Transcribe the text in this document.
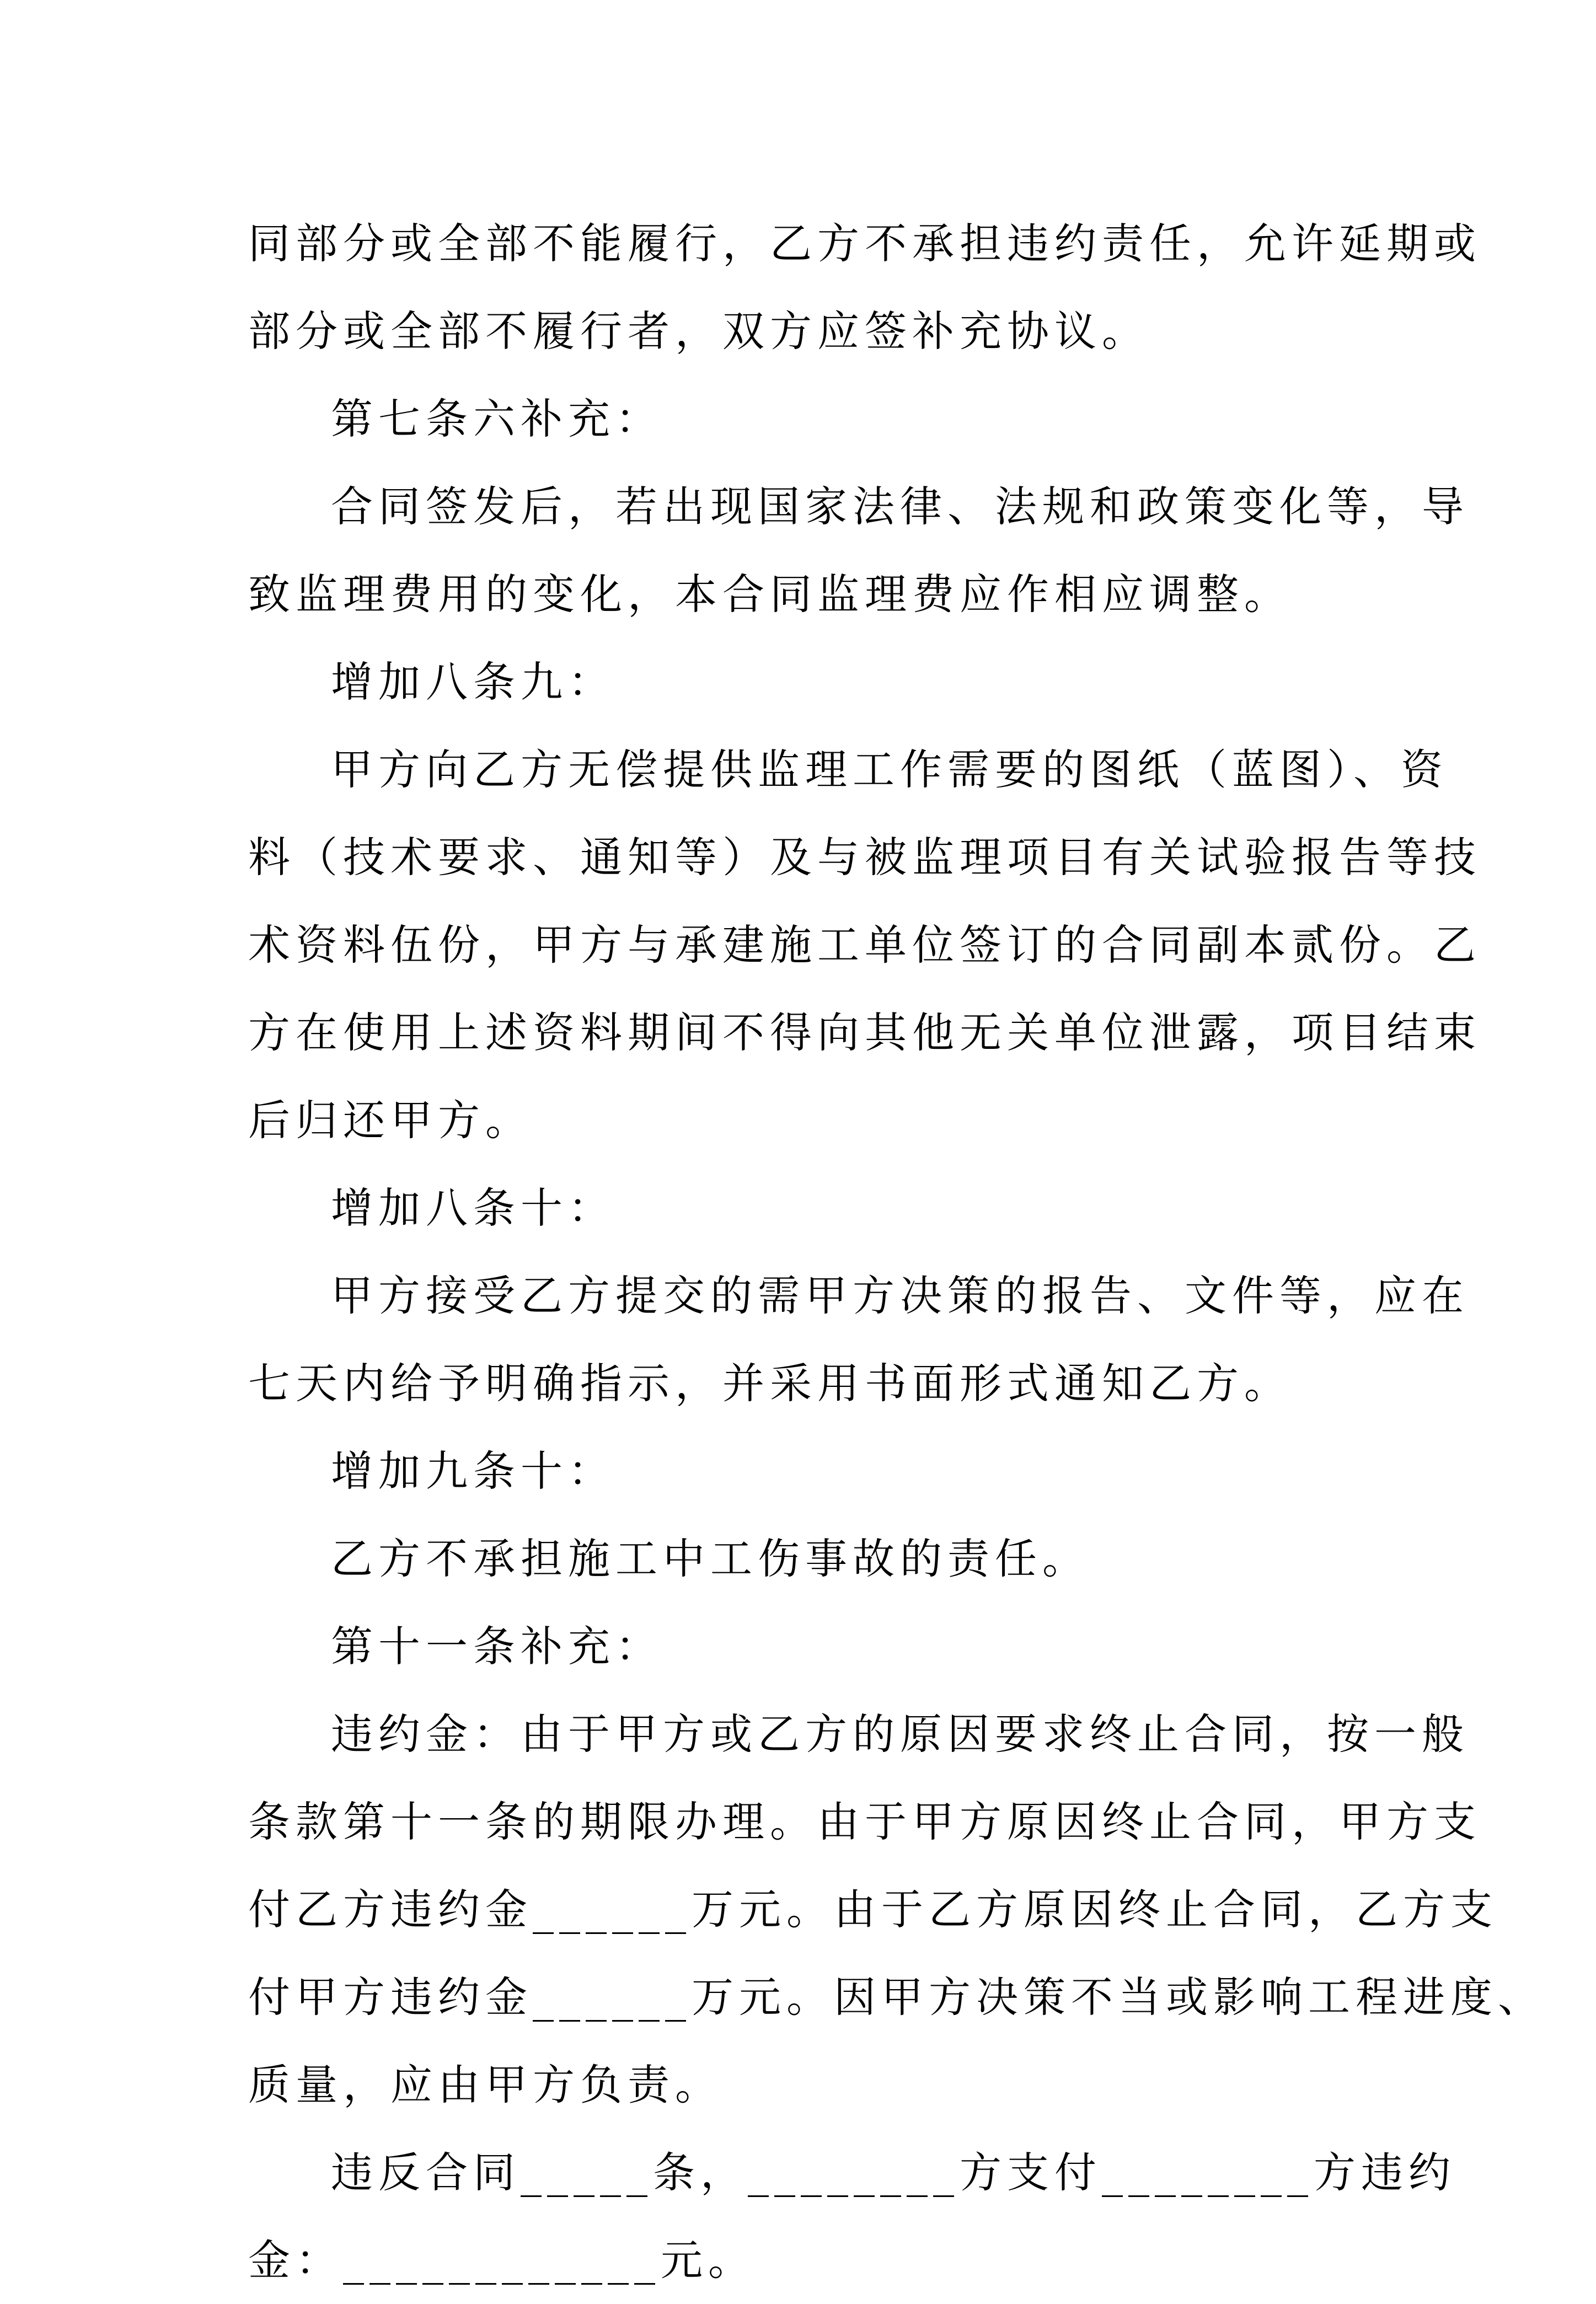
同部分或全部不能履行，乙方不承担违约责任，允许延期或
部分或全部不履行者，双方应签补充协议。
第七条六补充：
合同签发后，若出现国家法律、法规和政策变化等，导
致监理费用的变化，本合同监理费应作相应调整。
增加八条九：
甲方向乙方无偿提供监理工作需要的图纸（蓝图）、资
料（技术要求、通知等）及与被监理项目有关试验报告等技
术资料伍份，甲方与承建施工单位签订的合同副本贰份。乙
方在使用上述资料期间不得向其他无关单位泄露，项目结束
后归还甲方。
增加八条十：
甲方接受乙方提交的需甲方决策的报告、文件等，应在
七天内给予明确指示，并采用书面形式通知乙方。
增加九条十：
乙方不承担施工中工伤事故的责任。
第十一条补充：
违约金：由于甲方或乙方的原因要求终止合同，按一般
条款第十一条的期限办理。由于甲方原因终止合同，甲方支
付乙方违约金______万元。由于乙方原因终止合同，乙方支
付甲方违约金______万元。因甲方决策不当或影响工程进度、
质量，应由甲方负责。
违反合同_____条，________方支付________方违约
金：____________元。
